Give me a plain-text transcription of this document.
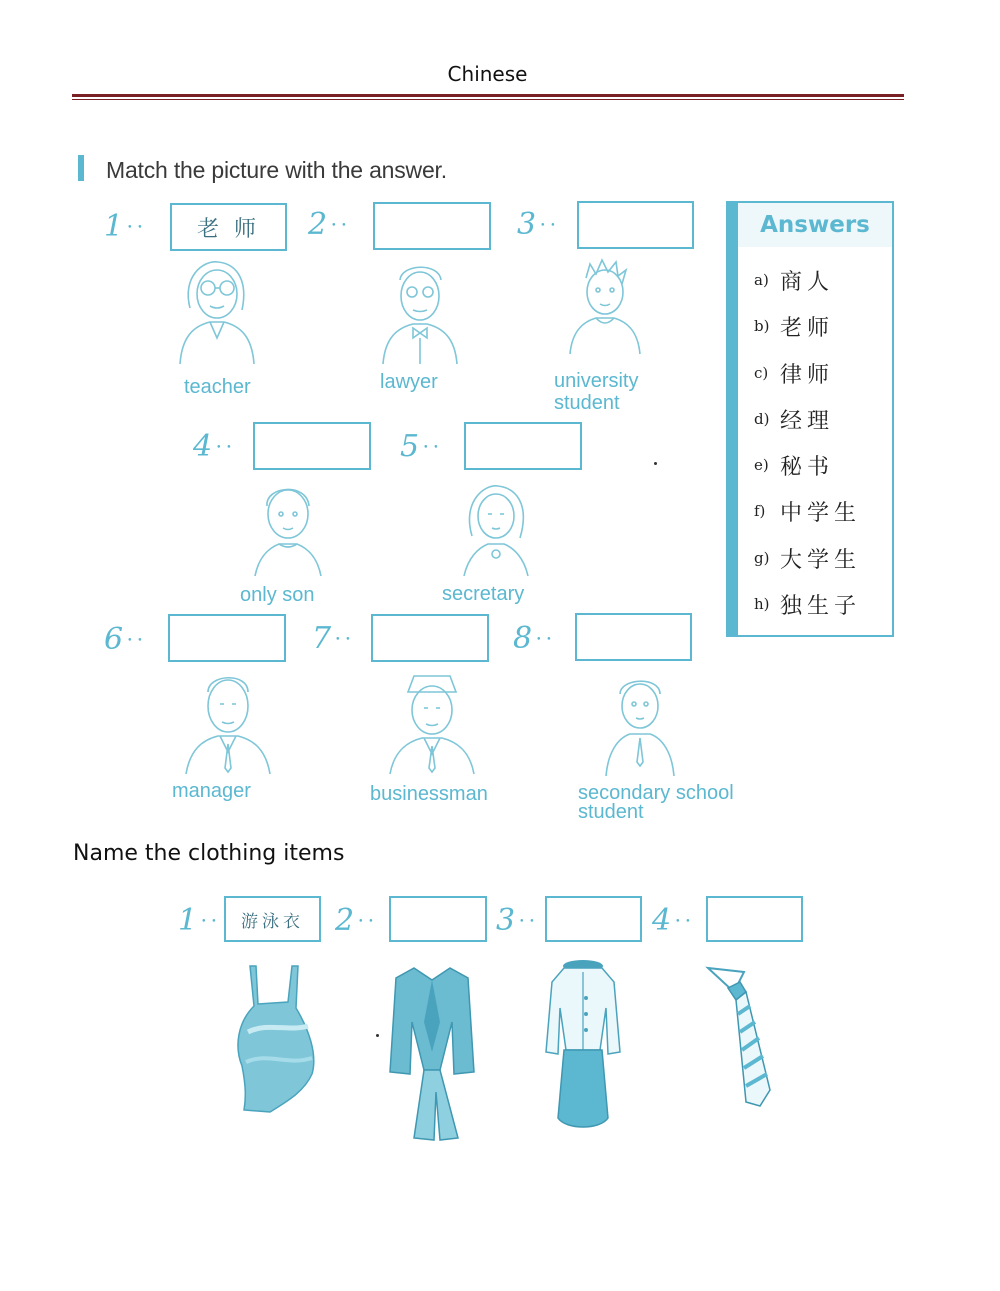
Chinese
Match the picture with the answer.
1 • •	老 师	2 • •	3 • •
teacher	lawyer	university
student
4 • •	5 • •
only son	secretary
Answers
a) 商人
b) 老师
c) 律师
d) 经理
e) 秘书
f) 中学生
g) 大学生
h) 独生子
6 • •	7 • •	8 • •
manager	businessman	secondary school
student
Name the clothing items
1 • •	游泳衣	2 • •	3 • •	4 • •
